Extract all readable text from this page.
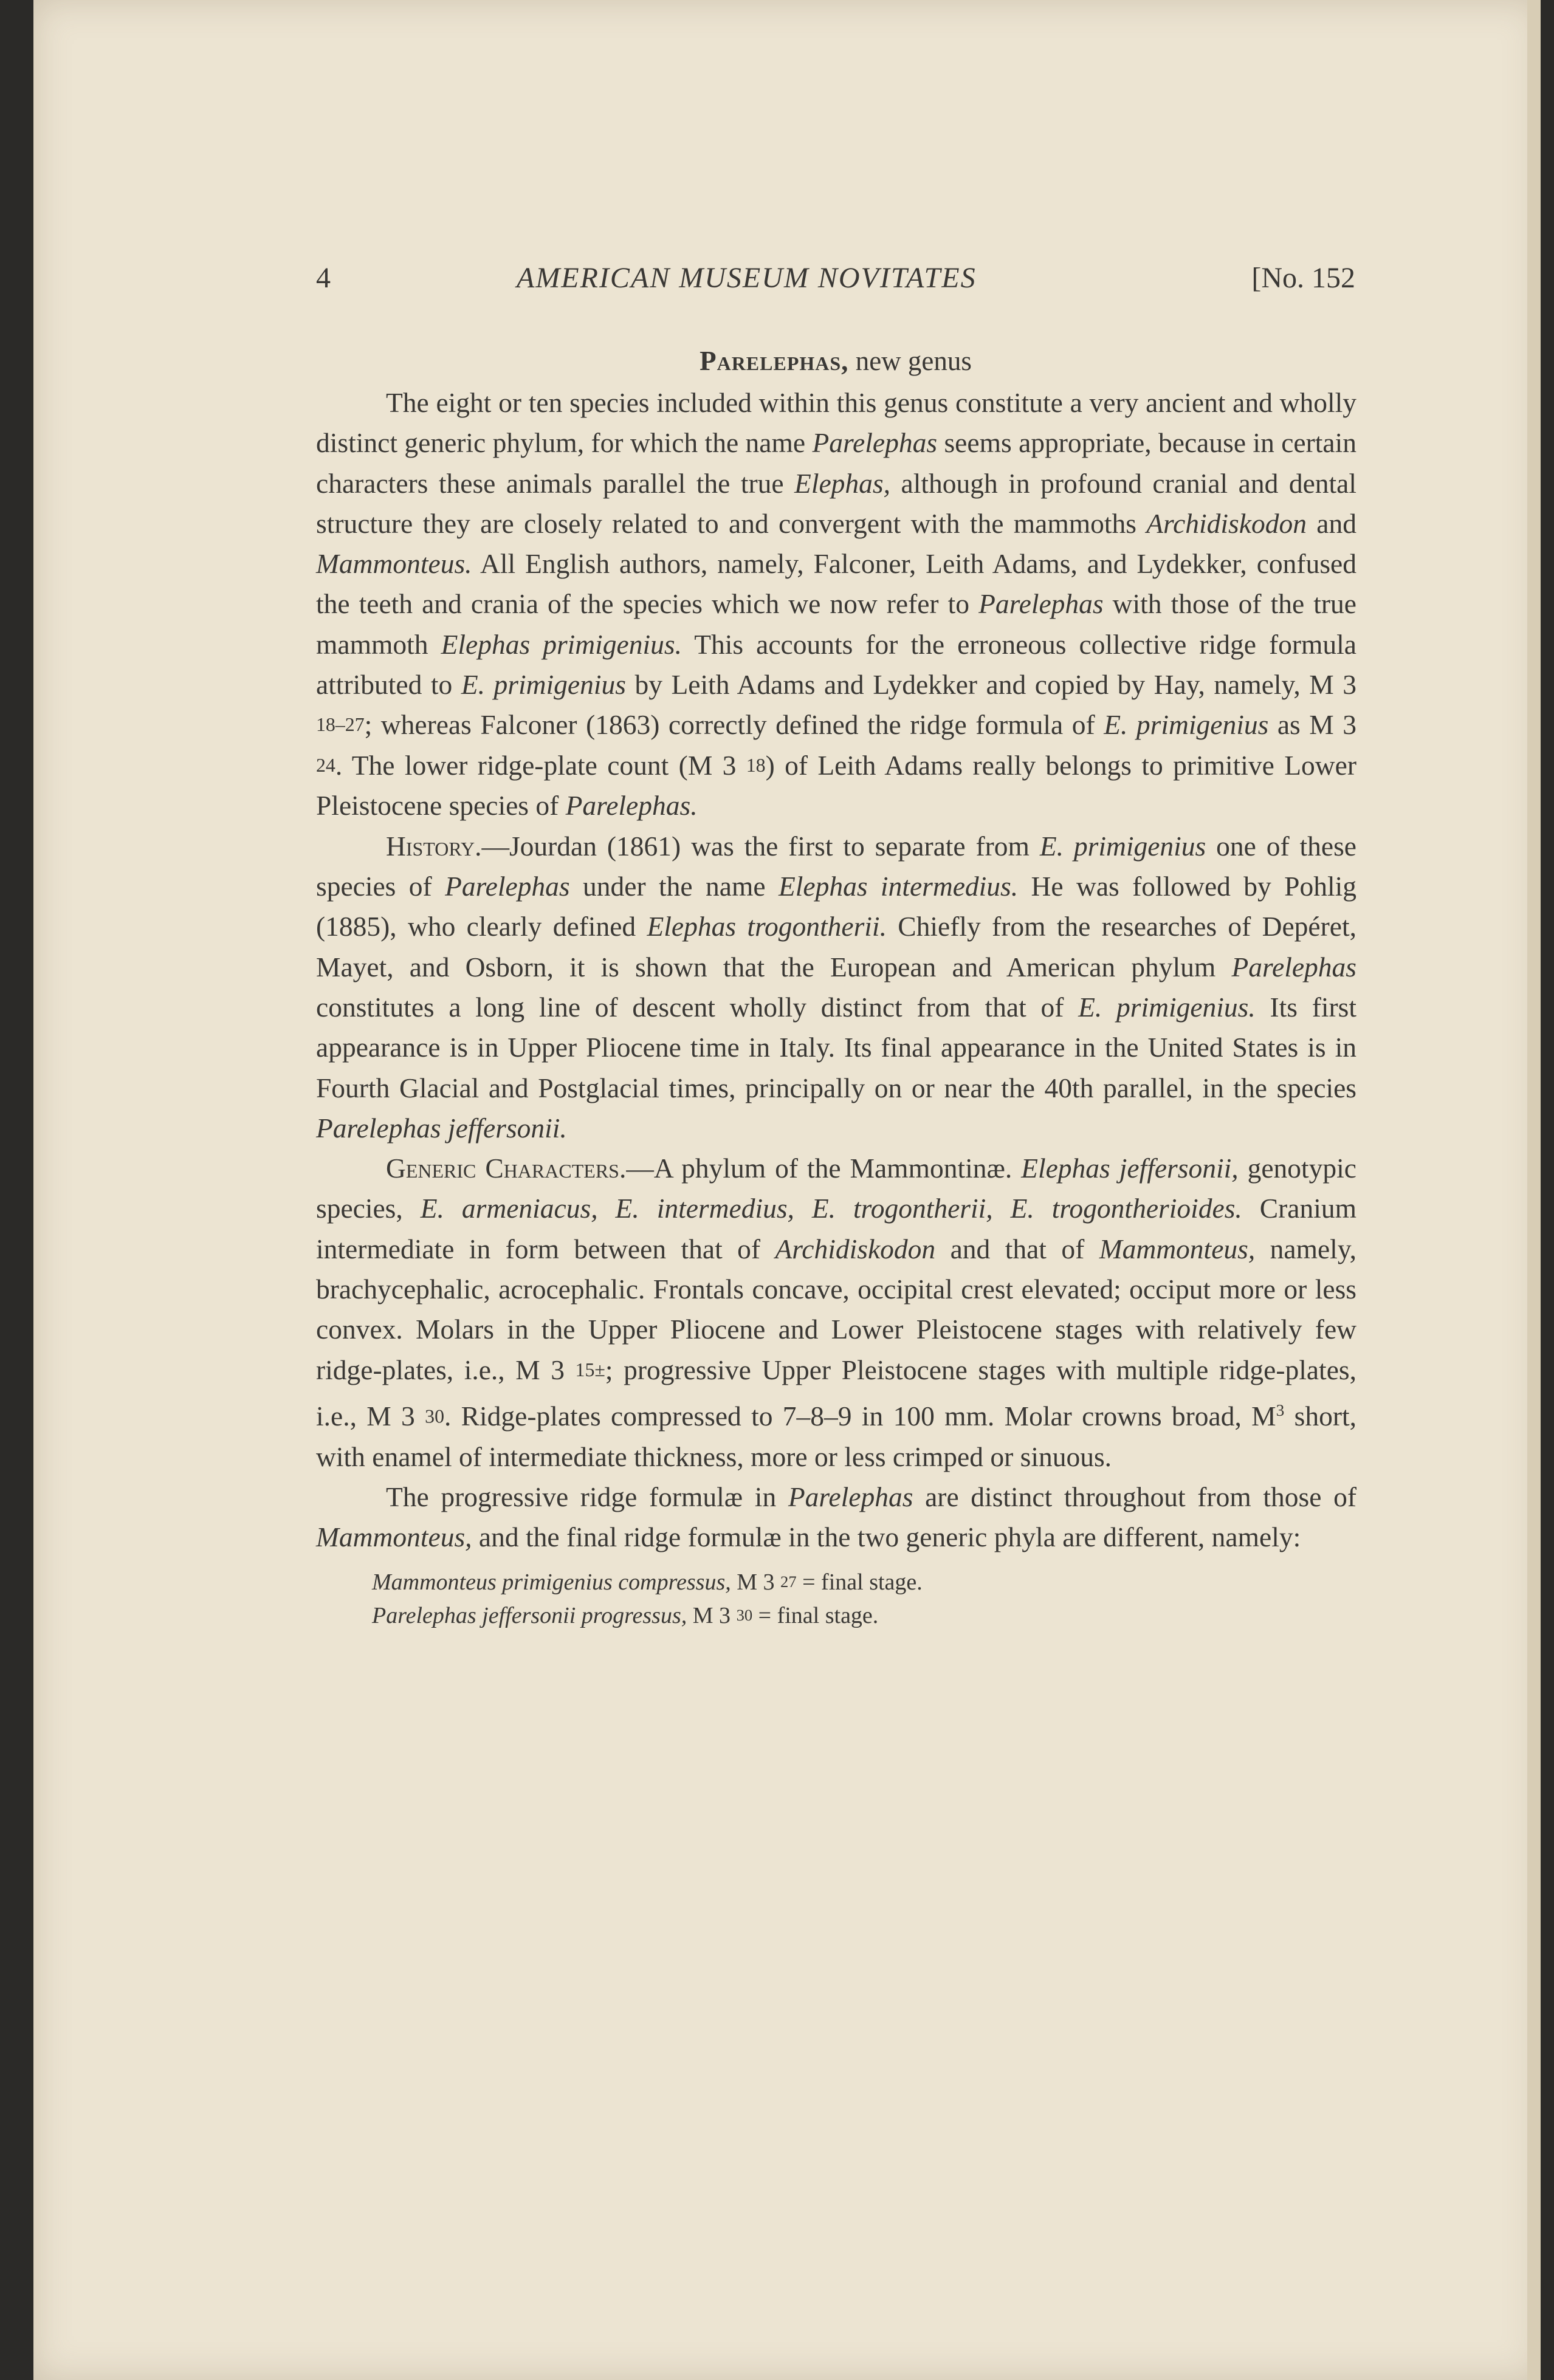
4	AMERICAN MUSEUM NOVITATES	[No. 152
Parelephas, new genus

The eight or ten species included within this genus constitute a very ancient and wholly distinct generic phylum, for which the name Parelephas seems appropriate, because in certain characters these animals parallel the true Elephas, although in profound cranial and dental structure they are closely related to and convergent with the mammoths Archidiskodon and Mammonteus. All English authors, namely, Falconer, Leith Adams, and Lydekker, confused the teeth and crania of the species which we now refer to Parelephas with those of the true mammoth Elephas primigenius. This accounts for the erroneous collective ridge formula attributed to E. primigenius by Leith Adams and Lydekker and copied by Hay, namely, M 3 18–27; whereas Falconer (1863) correctly defined the ridge formula of E. primigenius as M 3 24. The lower ridge-plate count (M 3 18) of Leith Adams really belongs to primitive Lower Pleistocene species of Parelephas.

History.—Jourdan (1861) was the first to separate from E. primigenius one of these species of Parelephas under the name Elephas intermedius. He was followed by Pohlig (1885), who clearly defined Elephas trogontherii. Chiefly from the researches of Depéret, Mayet, and Osborn, it is shown that the European and American phylum Parelephas constitutes a long line of descent wholly distinct from that of E. primigenius. Its first appearance is in Upper Pliocene time in Italy. Its final appearance in the United States is in Fourth Glacial and Postglacial times, principally on or near the 40th parallel, in the species Parelephas jeffersonii.

Generic Characters.—A phylum of the Mammontinæ. Elephas jeffersonii, genotypic species, E. armeniacus, E. intermedius, E. trogontherii, E. trogontherioides. Cranium intermediate in form between that of Archidiskodon and that of Mammonteus, namely, brachycephalic, acrocephalic. Frontals concave, occipital crest elevated; occiput more or less convex. Molars in the Upper Pliocene and Lower Pleistocene stages with relatively few ridge-plates, i.e., M 3 15±; progressive Upper Pleistocene stages with multiple ridge-plates, i.e., M 3 30. Ridge-plates compressed to 7–8–9 in 100 mm. Molar crowns broad, $M^3$ short, with enamel of intermediate thickness, more or less crimped or sinuous.

The progressive ridge formulæ in Parelephas are distinct throughout from those of Mammonteus, and the final ridge formulæ in the two generic phyla are different, namely:

Mammonteus primigenius compressus, M 3 27 = final stage.
Parelephas jeffersonii progressus, M 3 30 = final stage.
